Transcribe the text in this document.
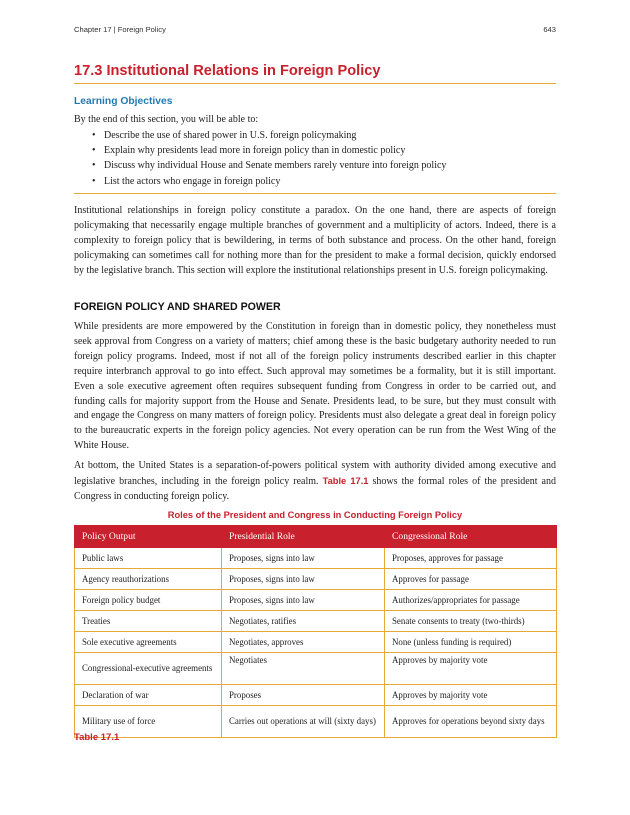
Chapter 17 | Foreign Policy	643
17.3 Institutional Relations in Foreign Policy
Learning Objectives
By the end of this section, you will be able to:
• Describe the use of shared power in U.S. foreign policymaking
• Explain why presidents lead more in foreign policy than in domestic policy
• Discuss why individual House and Senate members rarely venture into foreign policy
• List the actors who engage in foreign policy

Institutional relationships in foreign policy constitute a paradox. On the one hand, there are aspects of foreign policymaking that necessarily engage multiple branches of government and a multiplicity of actors. Indeed, there is a complexity to foreign policy that is bewildering, in terms of both substance and process. On the other hand, foreign policymaking can sometimes call for nothing more than for the president to make a formal decision, quickly endorsed by the legislative branch. This section will explore the institutional relationships present in U.S. foreign policymaking.

FOREIGN POLICY AND SHARED POWER

While presidents are more empowered by the Constitution in foreign than in domestic policy, they nonetheless must seek approval from Congress on a variety of matters; chief among these is the basic budgetary authority needed to run foreign policy programs. Indeed, most if not all of the foreign policy instruments described earlier in this chapter require interbranch approval to go into effect. Such approval may sometimes be a formality, but it is still important. Even a sole executive agreement often requires subsequent funding from Congress in order to be carried out, and funding calls for majority support from the House and Senate. Presidents lead, to be sure, but they must consult with and engage the Congress on many matters of foreign policy. Presidents must also delegate a great deal in foreign policy to the bureaucratic experts in the foreign policy agencies. Not every operation can be run from the West Wing of the White House.

At bottom, the United States is a separation-of-powers political system with authority divided among executive and legislative branches, including in the foreign policy realm. Table 17.1 shows the formal roles of the president and Congress in conducting foreign policy.

Roles of the President and Congress in Conducting Foreign Policy
Policy Output	Presidential Role	Congressional Role
Public laws	Proposes, signs into law	Proposes, approves for passage
Agency reauthorizations	Proposes, signs into law	Approves for passage
Foreign policy budget	Proposes, signs into law	Authorizes/appropriates for passage
Treaties	Negotiates, ratifies	Senate consents to treaty (two-thirds)
Sole executive agreements	Negotiates, approves	None (unless funding is required)
Congressional-executive agreements	Negotiates	Approves by majority vote
Declaration of war	Proposes	Approves by majority vote
Military use of force	Carries out operations at will (sixty days)	Approves for operations beyond sixty days
Table 17.1
